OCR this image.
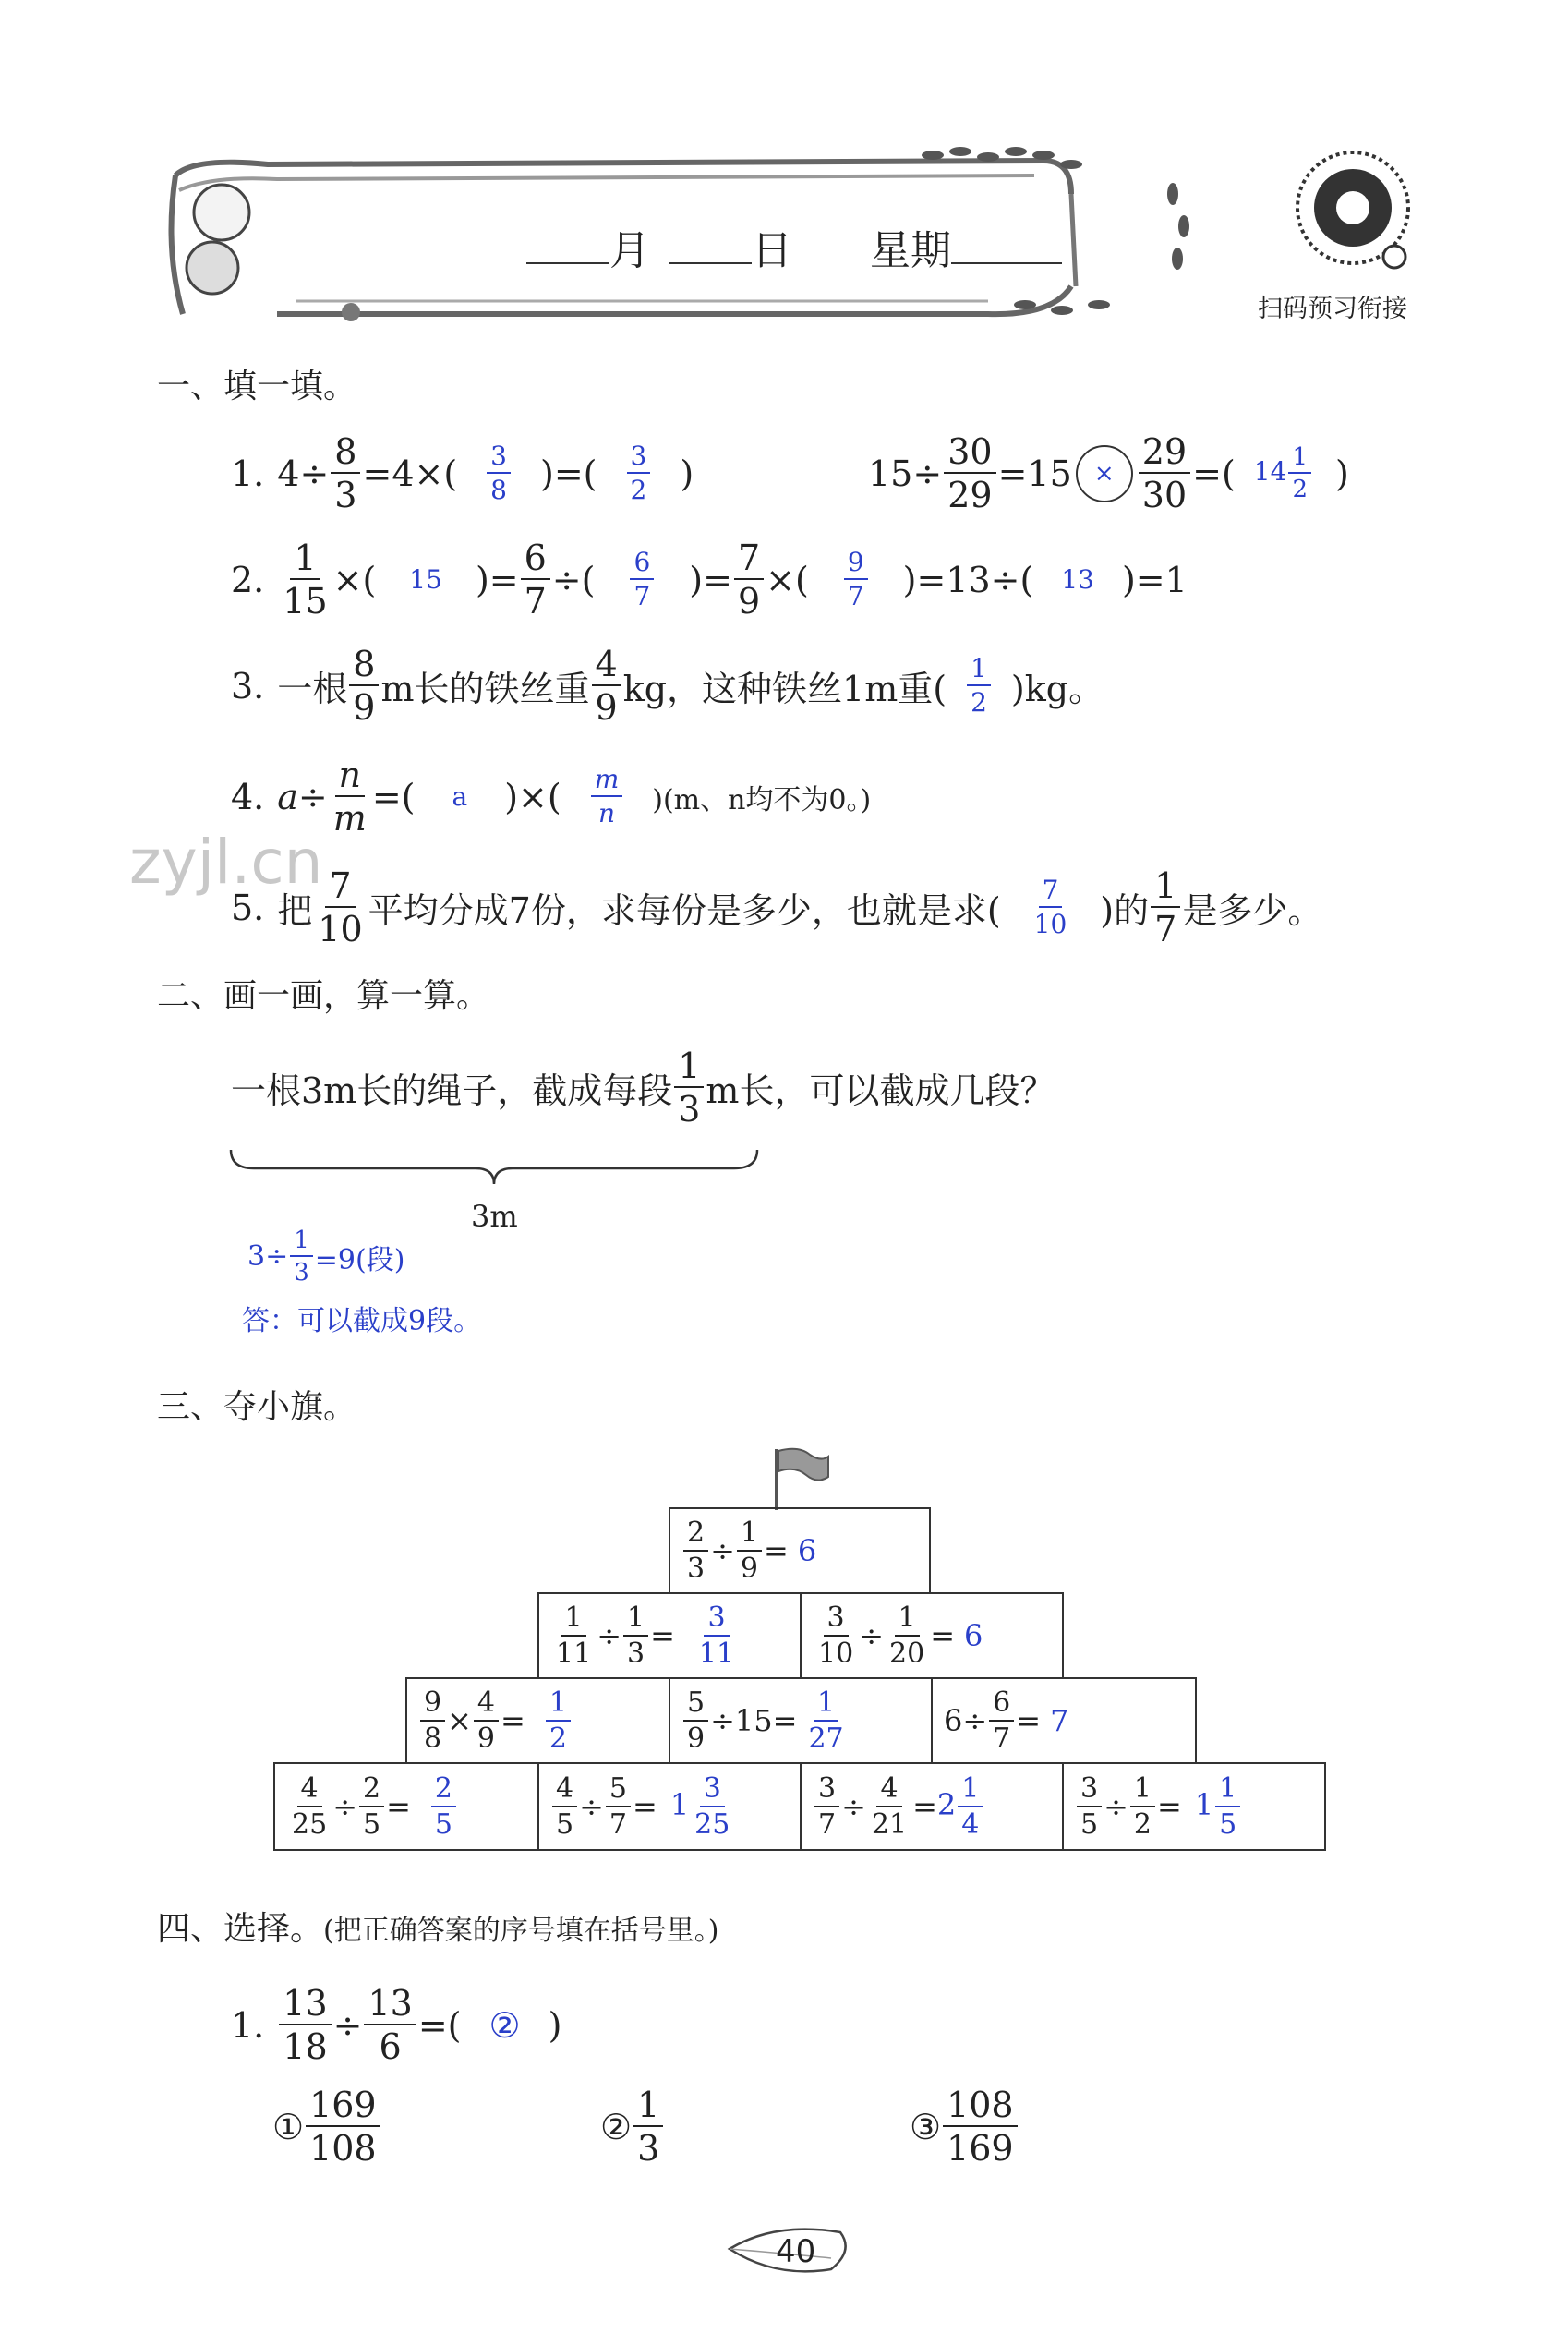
月	日 星期
扫码预习衔接
一、填一填。
1. $4\div \frac{8}{3} =4\times( \frac{3}{8}$ )=( $\frac{3}{2}$ )	$15\div \frac{30}{29} =15 \times \frac{29}{30}$ =( $14 \frac{1}{2}$ )
2. $\frac{1}{15}$ ×( 15 )= $\frac{6}{7}$ ÷( $\frac{6}{7}$ )= $\frac{7}{9}$ ×( $\frac{9}{7} )=13\div$( 13 )=1
3. 一根 $\frac{8}{9}$ m长的铁丝重 $\frac{4}{9}$ kg，这种铁丝1m重( $\frac{1}{2} )kg$。
4. $a\div \frac{n}{m}$ =( a )×( $\frac{m}{n} )(m$、n均不为0。)
zyjl.cn
5. 把 $\frac{7}{10}$ 平均分成7份，求每份是多少，也就是求( $\frac{7}{10}$ )的 $\frac{1}{7}$ 是多少。
二、画一画，算一算。
一根3m长的绳子，截成每段 $\frac{1}{3}$ m长，可以截成几段？
3m
$3\div \frac{1}{3} =9$(段)
答：可以截成9段。
三、夺小旗。
$\frac{2}{3} \div \frac{1}{9} = 6$
$\frac{1}{11} \div \frac{1}{3} = \frac{3}{11}$	$\frac{3}{10} \div \frac{1}{20} = 6$
$\frac{9}{8} \times \frac{4}{9} = \frac{1}{2}$	$\frac{5}{9} \div 15= \frac{1}{27}$	$6\div \frac{6}{7} = 7$
$\frac{4}{25} \div \frac{2}{5} = \frac{2}{5}$	$\frac{4}{5} \div \frac{5}{7} = 1 \frac{3}{25}$	$\frac{3}{7} \div \frac{4}{21} = 2 \frac{1}{4}$	$\frac{3}{5} \div \frac{1}{2} = 1 \frac{1}{5}$
四、选择。(把正确答案的序号填在括号里。)
1. $\frac{13}{18} \div \frac{13}{6}$ =( ② )
① $\frac{169}{108}$	② $\frac{1}{3}$	③ $\frac{108}{169}$
40
